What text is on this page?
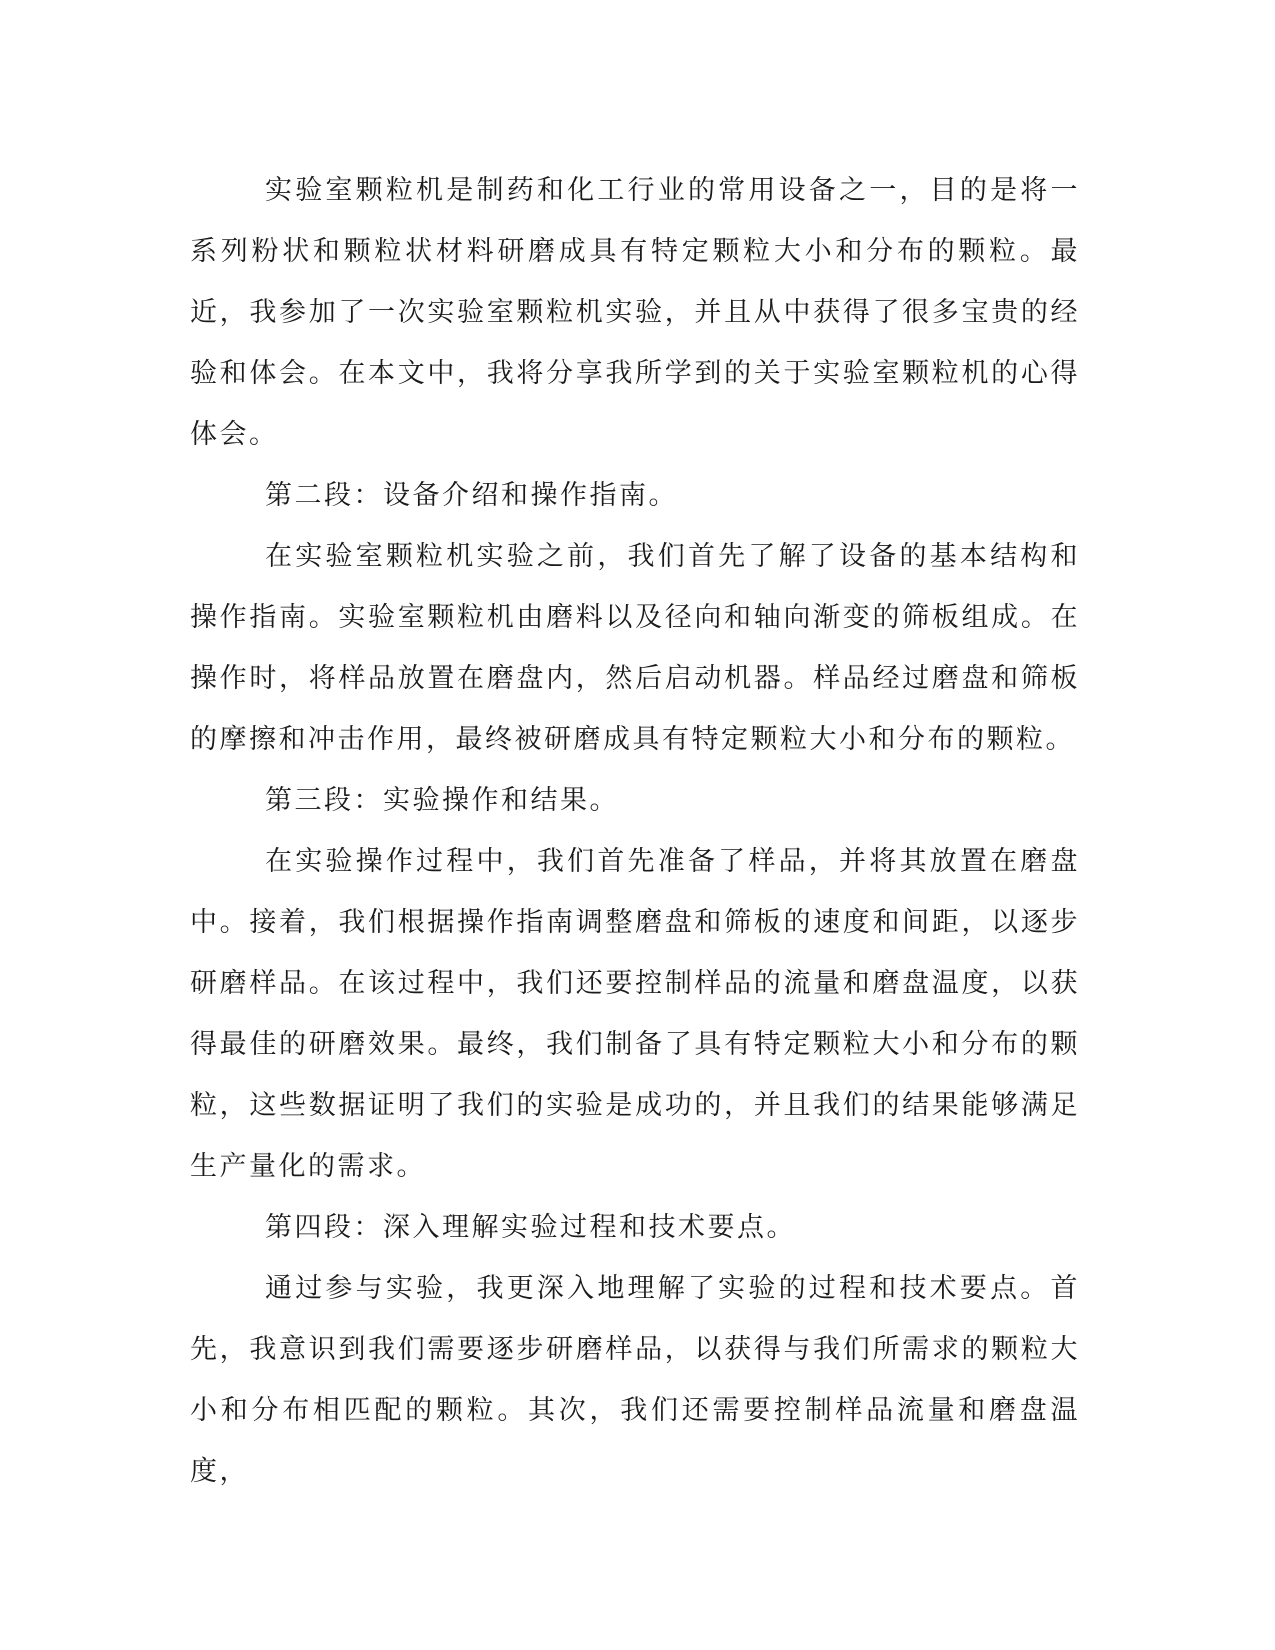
实验室颗粒机是制药和化工行业的常用设备之一，目的是将一系列粉状和颗粒状材料研磨成具有特定颗粒大小和分布的颗粒。最近，我参加了一次实验室颗粒机实验，并且从中获得了很多宝贵的经验和体会。在本文中，我将分享我所学到的关于实验室颗粒机的心得体会。

第二段：设备介绍和操作指南。

在实验室颗粒机实验之前，我们首先了解了设备的基本结构和操作指南。实验室颗粒机由磨料以及径向和轴向渐变的筛板组成。在操作时，将样品放置在磨盘内，然后启动机器。样品经过磨盘和筛板的摩擦和冲击作用，最终被研磨成具有特定颗粒大小和分布的颗粒。

第三段：实验操作和结果。

在实验操作过程中，我们首先准备了样品，并将其放置在磨盘中。接着，我们根据操作指南调整磨盘和筛板的速度和间距，以逐步研磨样品。在该过程中，我们还要控制样品的流量和磨盘温度，以获得最佳的研磨效果。最终，我们制备了具有特定颗粒大小和分布的颗粒，这些数据证明了我们的实验是成功的，并且我们的结果能够满足生产量化的需求。

第四段：深入理解实验过程和技术要点。

通过参与实验，我更深入地理解了实验的过程和技术要点。首先，我意识到我们需要逐步研磨样品，以获得与我们所需求的颗粒大小和分布相匹配的颗粒。其次，我们还需要控制样品流量和磨盘温度，
